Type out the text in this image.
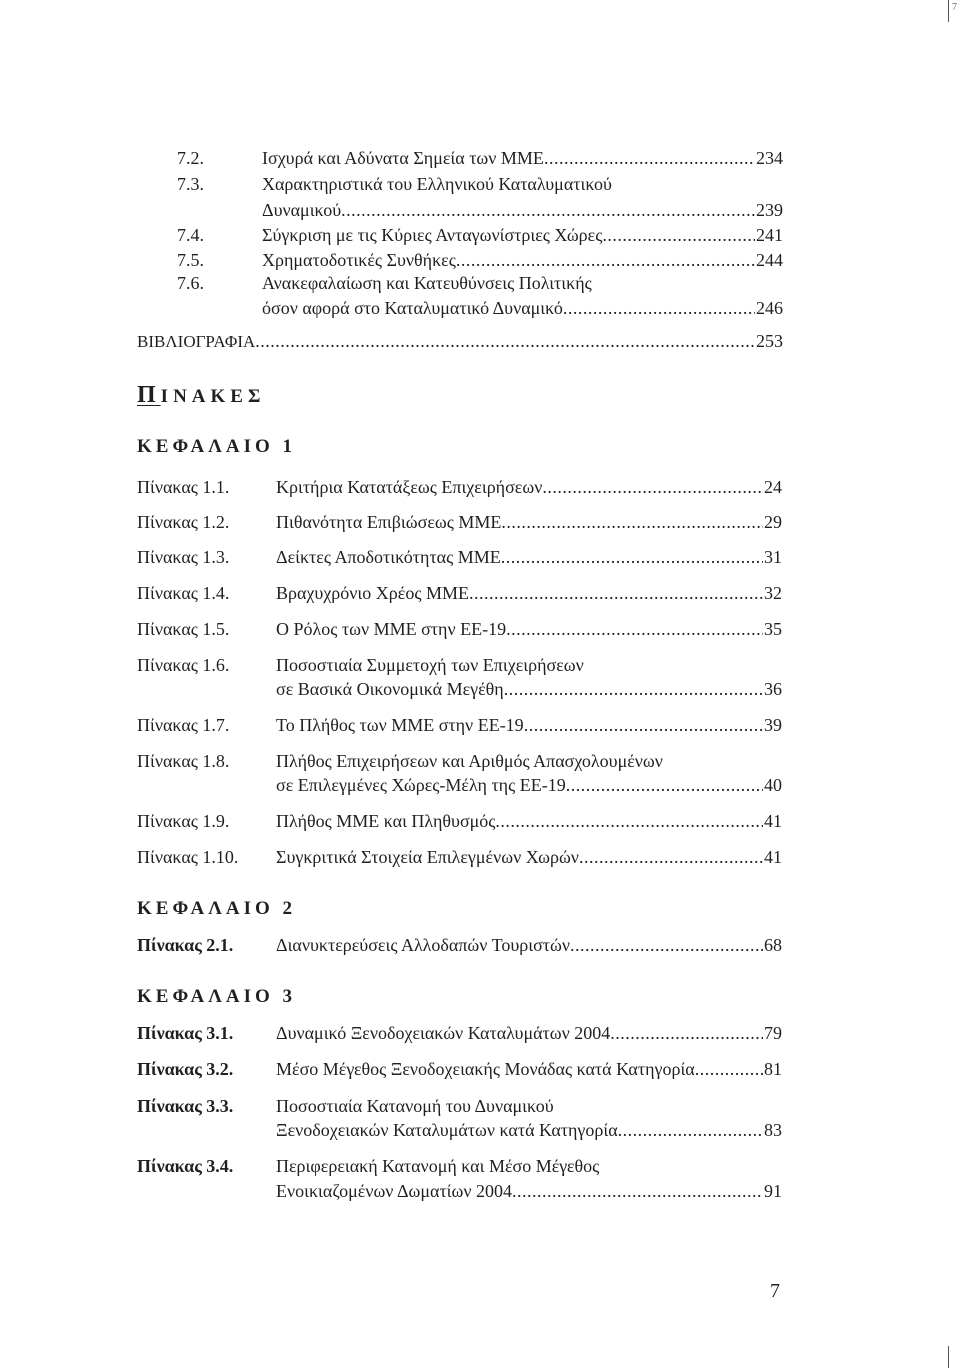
7
7.2.	Ισχυρά και Αδύνατα Σημεία των ΜΜΕ .....	234
7.3.	Χαρακτηριστικά του Ελληνικού Καταλυματικού
Δυναμικού .....	239
7.4.	Σύγκριση με τις Κύριες Ανταγωνίστριες Χώρες .....	241
7.5.	Χρηματοδοτικές Συνθήκες .....	244
7.6.	Ανακεφαλαίωση και Κατευθύνσεις Πολιτικής
όσον αφορά στο Καταλυματικό Δυναμικό .....	246
ΒΙΒΛΙΟΓΡΑΦΙΑ .....	253
ΠΙΝΑΚΕΣ
ΚΕΦΑΛΑΙΟ 1
Πίνακας 1.1.	Κριτήρια Κατατάξεως Επιχειρήσεων .....	24
Πίνακας 1.2.	Πιθανότητα Επιβιώσεως ΜΜΕ .....	29
Πίνακας 1.3.	Δείκτες Αποδοτικότητας ΜΜΕ .....	31
Πίνακας 1.4.	Βραχυχρόνιο Χρέος ΜΜΕ .....	32
Πίνακας 1.5.	Ο Ρόλος των ΜΜΕ στην ΕΕ-19 .....	35
Πίνακας 1.6.	Ποσοστιαία Συμμετοχή των Επιχειρήσεων
σε Βασικά Οικονομικά Μεγέθη .....	36
Πίνακας 1.7.	Το Πλήθος των ΜΜΕ στην ΕΕ-19 .....	39
Πίνακας 1.8.	Πλήθος Επιχειρήσεων και Αριθμός Απασχολουμένων
σε Επιλεγμένες Χώρες-Μέλη της ΕΕ-19 .....	40
Πίνακας 1.9.	Πλήθος ΜΜΕ και Πληθυσμός .....	41
Πίνακας 1.10. Συγκριτικά Στοιχεία Επιλεγμένων Χωρών .....	41
ΚΕΦΑΛΑΙΟ 2
Πίνακας 2.1. Διανυκτερεύσεις Αλλοδαπών Τουριστών .....	68
ΚΕΦΑΛΑΙΟ 3
Πίνακας 3.1. Δυναμικό Ξενοδοχειακών Καταλυμάτων 2004 .....	79
Πίνακας 3.2. Μέσο Μέγεθος Ξενοδοχειακής Μονάδας κατά Κατηγορία .....	81
Πίνακας 3.3. Ποσοστιαία Κατανομή του Δυναμικού
Ξενοδοχειακών Καταλυμάτων κατά Κατηγορία .....	83
Πίνακας 3.4. Περιφερειακή Κατανομή και Μέσο Μέγεθος
Ενοικιαζομένων Δωματίων 2004 .....	91
7
